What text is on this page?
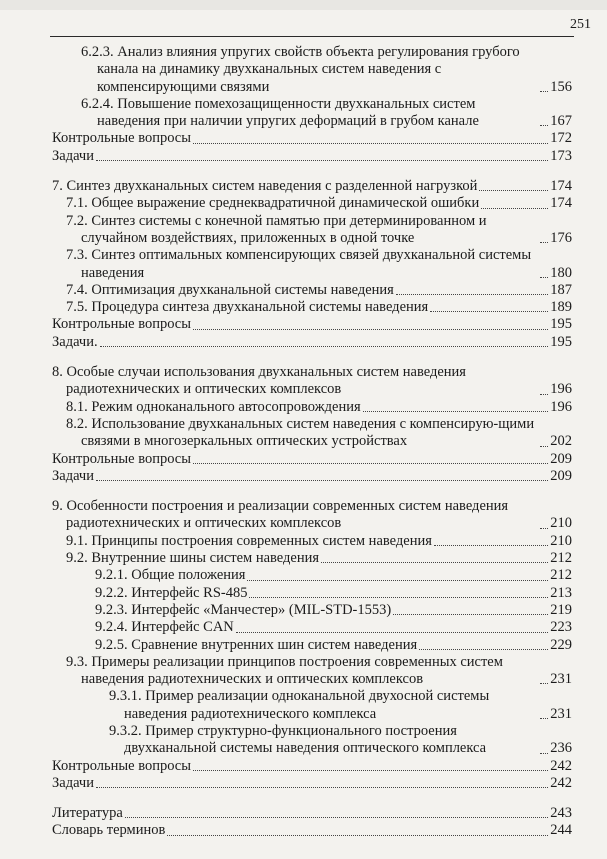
251
6.2.3. Анализ влияния упругих свойств объекта регулирования грубого канала на динамику двухканальных систем наведения с компенсирующими связями	156
6.2.4. Повышение помехозащищенности двухканальных систем наведения при наличии упругих деформаций в грубом канале	167
Контрольные вопросы	172
Задачи	173
7. Синтез двухканальных систем наведения с разделенной нагрузкой	174
7.1. Общее выражение среднеквадратичной динамической ошибки	174
7.2. Синтез системы с конечной памятью при детерминированном и случайном воздействиях, приложенных в одной точке	176
7.3. Синтез оптимальных компенсирующих связей двухканальной системы наведения	180
7.4. Оптимизация двухканальной системы наведения	187
7.5. Процедура синтеза двухканальной системы наведения	189
Контрольные вопросы	195
Задачи.	195
8. Особые случаи использования двухканальных систем наведения радиотехнических и оптических комплексов	196
8.1. Режим одноканального автосопровождения	196
8.2. Использование двухканальных систем наведения с компенсирую-щими связями в многозеркальных оптических устройствах	202
Контрольные вопросы	209
Задачи	209
9. Особенности построения и реализации современных систем наведения радиотехнических и оптических комплексов	210
9.1. Принципы построения современных систем наведения	210
9.2. Внутренние шины систем наведения	212
9.2.1. Общие положения	212
9.2.2. Интерфейс RS-485	213
9.2.3. Интерфейс «Манчестер» (MIL-STD-1553)	219
9.2.4. Интерфейс CAN	223
9.2.5. Сравнение внутренних шин систем наведения	229
9.3. Примеры реализации принципов построения современных систем наведения радиотехнических и оптических комплексов	231
9.3.1. Пример реализации одноканальной двухосной системы наведения радиотехнического комплекса	231
9.3.2. Пример структурно-функционального построения двухканальной системы наведения оптического комплекса	236
Контрольные вопросы	242
Задачи	242
Литература	243
Словарь терминов	244
